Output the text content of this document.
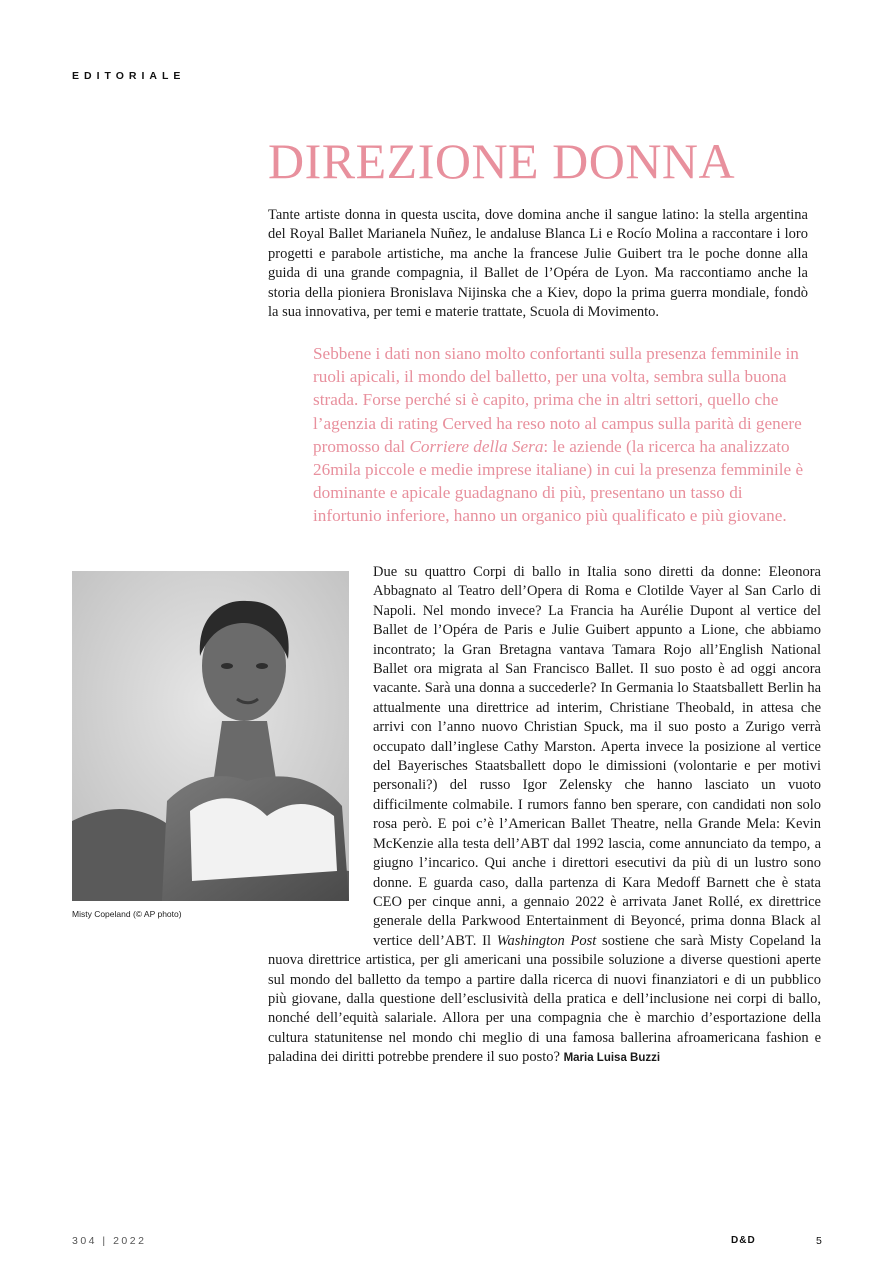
EDITORIALE
DIREZIONE DONNA

Tante artiste donna in questa uscita, dove domina anche il sangue latino: la stella argentina del Royal Ballet Marianela Nuñez, le andaluse Blanca Li e Rocío Molina a raccontare i loro progetti e parabole artistiche, ma anche la francese Julie Guibert tra le poche donne alla guida di una grande compagnia, il Ballet de l’Opéra de Lyon. Ma raccontiamo anche la storia della pioniera Bronislava Nijinska che a Kiev, dopo la prima guerra mondiale, fondò la sua innovativa, per temi e materie trattate, Scuola di Movimento.

Sebbene i dati non siano molto confortanti sulla presenza femminile in ruoli apicali, il mondo del balletto, per una volta, sembra sulla buona strada. Forse perché si è capito, prima che in altri settori, quello che l’agenzia di rating Cerved ha reso noto al campus sulla parità di genere promosso dal Corriere della Sera: le aziende (la ricerca ha analizzato 26mila piccole e medie imprese italiane) in cui la presenza femminile è dominante e apicale guadagnano di più, presentano un tasso di infortunio inferiore, hanno un organico più qualificato e più giovane.

Misty Copeland (© AP photo)

Due su quattro Corpi di ballo in Italia sono diretti da donne: Eleonora Abbagnato al Teatro dell’Opera di Roma e Clotilde Vayer al San Carlo di Napoli. Nel mondo invece? La Francia ha Aurélie Dupont al vertice del Ballet de l’Opéra de Paris e Julie Guibert appunto a Lione, che abbiamo incontrato; la Gran Bretagna vantava Tamara Rojo all’English National Ballet ora migrata al San Francisco Ballet. Il suo posto è ad oggi ancora vacante. Sarà una donna a succederle? In Germania lo Staatsballett Berlin ha attualmente una direttrice ad interim, Christiane Theobald, in attesa che arrivi con l’anno nuovo Christian Spuck, ma il suo posto a Zurigo verrà occupato dall’inglese Cathy Marston. Aperta invece la posizione al vertice del Bayerisches Staatsballett dopo le dimissioni (volontarie e per motivi personali?) del russo Igor Zelensky che hanno lasciato un vuoto difficilmente colmabile. I rumors fanno ben sperare, con candidati non solo rosa però. E poi c’è l’American Ballet Theatre, nella Grande Mela: Kevin McKenzie alla testa dell’ABT dal 1992 lascia, come annunciato da tempo, a giugno l’incarico. Qui anche i direttori esecutivi da più di un lustro sono donne. E guarda caso, dalla partenza di Kara Medoff Barnett che è stata CEO per cinque anni, a gennaio 2022 è arrivata Janet Rollé, ex direttrice generale della Parkwood Entertainment di Beyoncé, prima donna Black al vertice dell’ABT. Il Washington Post sostiene che sarà Misty Copeland la nuova direttrice artistica, per gli americani una possibile soluzione a diverse questioni aperte sul mondo del balletto da tempo a partire dalla ricerca di nuovi finanziatori e di un pubblico più giovane, dalla questione dell’esclusività della pratica e dell’inclusione nei corpi di ballo, nonché dell’equità salariale. Allora per una compagnia che è marchio d’esportazione della cultura statunitense nel mondo chi meglio di una famosa ballerina afroamericana fashion e paladina dei diritti potrebbe prendere il suo posto? Maria Luisa Buzzi

304 | 2022	D&D	5
